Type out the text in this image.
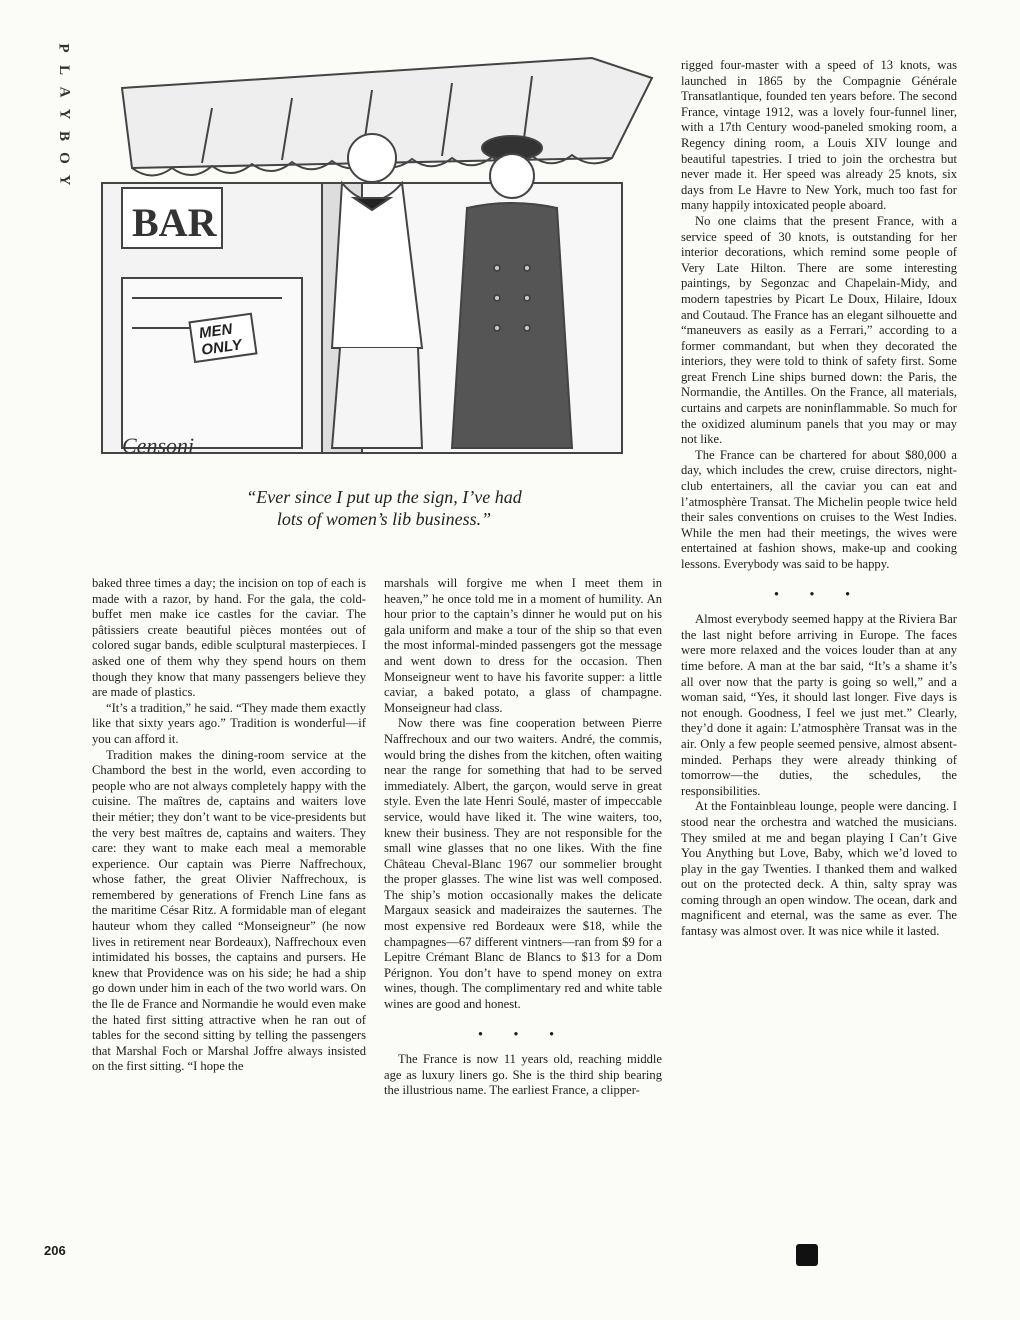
P
L
A
Y
B
O
Y
BAR
MEN
ONLY
Censoni
“Ever since I put up the sign, I’ve had
lots of women’s lib business.”

baked three times a day; the incision on top of each is made with a razor, by hand. For the gala, the cold-buffet men make ice castles for the caviar. The pâtissiers create beautiful pièces montées out of colored sugar bands, edible sculptural masterpieces. I asked one of them why they spend hours on them though they know that many passengers believe they are made of plastics.

“It’s a tradition,” he said. “They made them exactly like that sixty years ago.” Tradition is wonderful—if you can afford it.

Tradition makes the dining-room service at the Chambord the best in the world, even according to people who are not always completely happy with the cuisine. The maîtres de, captains and waiters love their métier; they don’t want to be vice-presidents but the very best maîtres de, captains and waiters. They care: they want to make each meal a memorable experience. Our captain was Pierre Naffrechoux, whose father, the great Olivier Naffrechoux, is remembered by generations of French Line fans as the maritime César Ritz. A formidable man of elegant hauteur whom they called “Monseigneur” (he now lives in retirement near Bordeaux), Naffrechoux even intimidated his bosses, the captains and pursers. He knew that Providence was on his side; he had a ship go down under him in each of the two world wars. On the Ile de France and Normandie he would even make the hated first sitting attractive when he ran out of tables for the second sitting by telling the passengers that Marshal Foch or Marshal Joffre always insisted on the first sitting. “I hope the

marshals will forgive me when I meet them in heaven,” he once told me in a moment of humility. An hour prior to the captain’s dinner he would put on his gala uniform and make a tour of the ship so that even the most informal-minded passengers got the message and went down to dress for the occasion. Then Monseigneur went to have his favorite supper: a little caviar, a baked potato, a glass of champagne. Monseigneur had class.

Now there was fine cooperation between Pierre Naffrechoux and our two waiters. André, the commis, would bring the dishes from the kitchen, often waiting near the range for something that had to be served immediately. Albert, the garçon, would serve in great style. Even the late Henri Soulé, master of impeccable service, would have liked it. The wine waiters, too, knew their business. They are not responsible for the small wine glasses that no one likes. With the fine Château Cheval-Blanc 1967 our sommelier brought the proper glasses. The wine list was well composed. The ship’s motion occasionally makes the delicate Margaux seasick and madeiraizes the sauternes. The most expensive red Bordeaux were $18, while the champagnes—67 different vintners—ran from $9 for a Lepitre Crémant Blanc de Blancs to $13 for a Dom Pérignon. You don’t have to spend money on extra wines, though. The complimentary red and white table wines are good and honest.

• • •

The France is now 11 years old, reaching middle age as luxury liners go. She is the third ship bearing the illustrious name. The earliest France, a clipper-

rigged four-master with a speed of 13 knots, was launched in 1865 by the Compagnie Générale Transatlantique, founded ten years before. The second France, vintage 1912, was a lovely four-funnel liner, with a 17th Century wood-paneled smoking room, a Regency dining room, a Louis XIV lounge and beautiful tapestries. I tried to join the orchestra but never made it. Her speed was already 25 knots, six days from Le Havre to New York, much too fast for many happily intoxicated people aboard.

No one claims that the present France, with a service speed of 30 knots, is outstanding for her interior decorations, which remind some people of Very Late Hilton. There are some interesting paintings, by Segonzac and Chapelain-Midy, and modern tapestries by Picart Le Doux, Hilaire, Idoux and Coutaud. The France has an elegant silhouette and “maneuvers as easily as a Ferrari,” according to a former commandant, but when they decorated the interiors, they were told to think of safety first. Some great French Line ships burned down: the Paris, the Normandie, the Antilles. On the France, all materials, curtains and carpets are noninflammable. So much for the oxidized aluminum panels that you may or may not like.

The France can be chartered for about $80,000 a day, which includes the crew, cruise directors, night-club entertainers, all the caviar you can eat and l’atmosphère Transat. The Michelin people twice held their sales conventions on cruises to the West Indies. While the men had their meetings, the wives were entertained at fashion shows, make-up and cooking lessons. Everybody was said to be happy.

• • •

Almost everybody seemed happy at the Riviera Bar the last night before arriving in Europe. The faces were more relaxed and the voices louder than at any time before. A man at the bar said, “It’s a shame it’s all over now that the party is going so well,” and a woman said, “Yes, it should last longer. Five days is not enough. Goodness, I feel we just met.” Clearly, they’d done it again: L’atmosphère Transat was in the air. Only a few people seemed pensive, almost absent-minded. Perhaps they were already thinking of tomorrow—the duties, the schedules, the responsibilities.

At the Fontainbleau lounge, people were dancing. I stood near the orchestra and watched the musicians. They smiled at me and began playing I Can’t Give You Anything but Love, Baby, which we’d loved to play in the gay Twenties. I thanked them and walked out on the protected deck. A thin, salty spray was coming through an open window. The ocean, dark and magnificent and eternal, was the same as ever. The fantasy was almost over. It was nice while it lasted.

206
